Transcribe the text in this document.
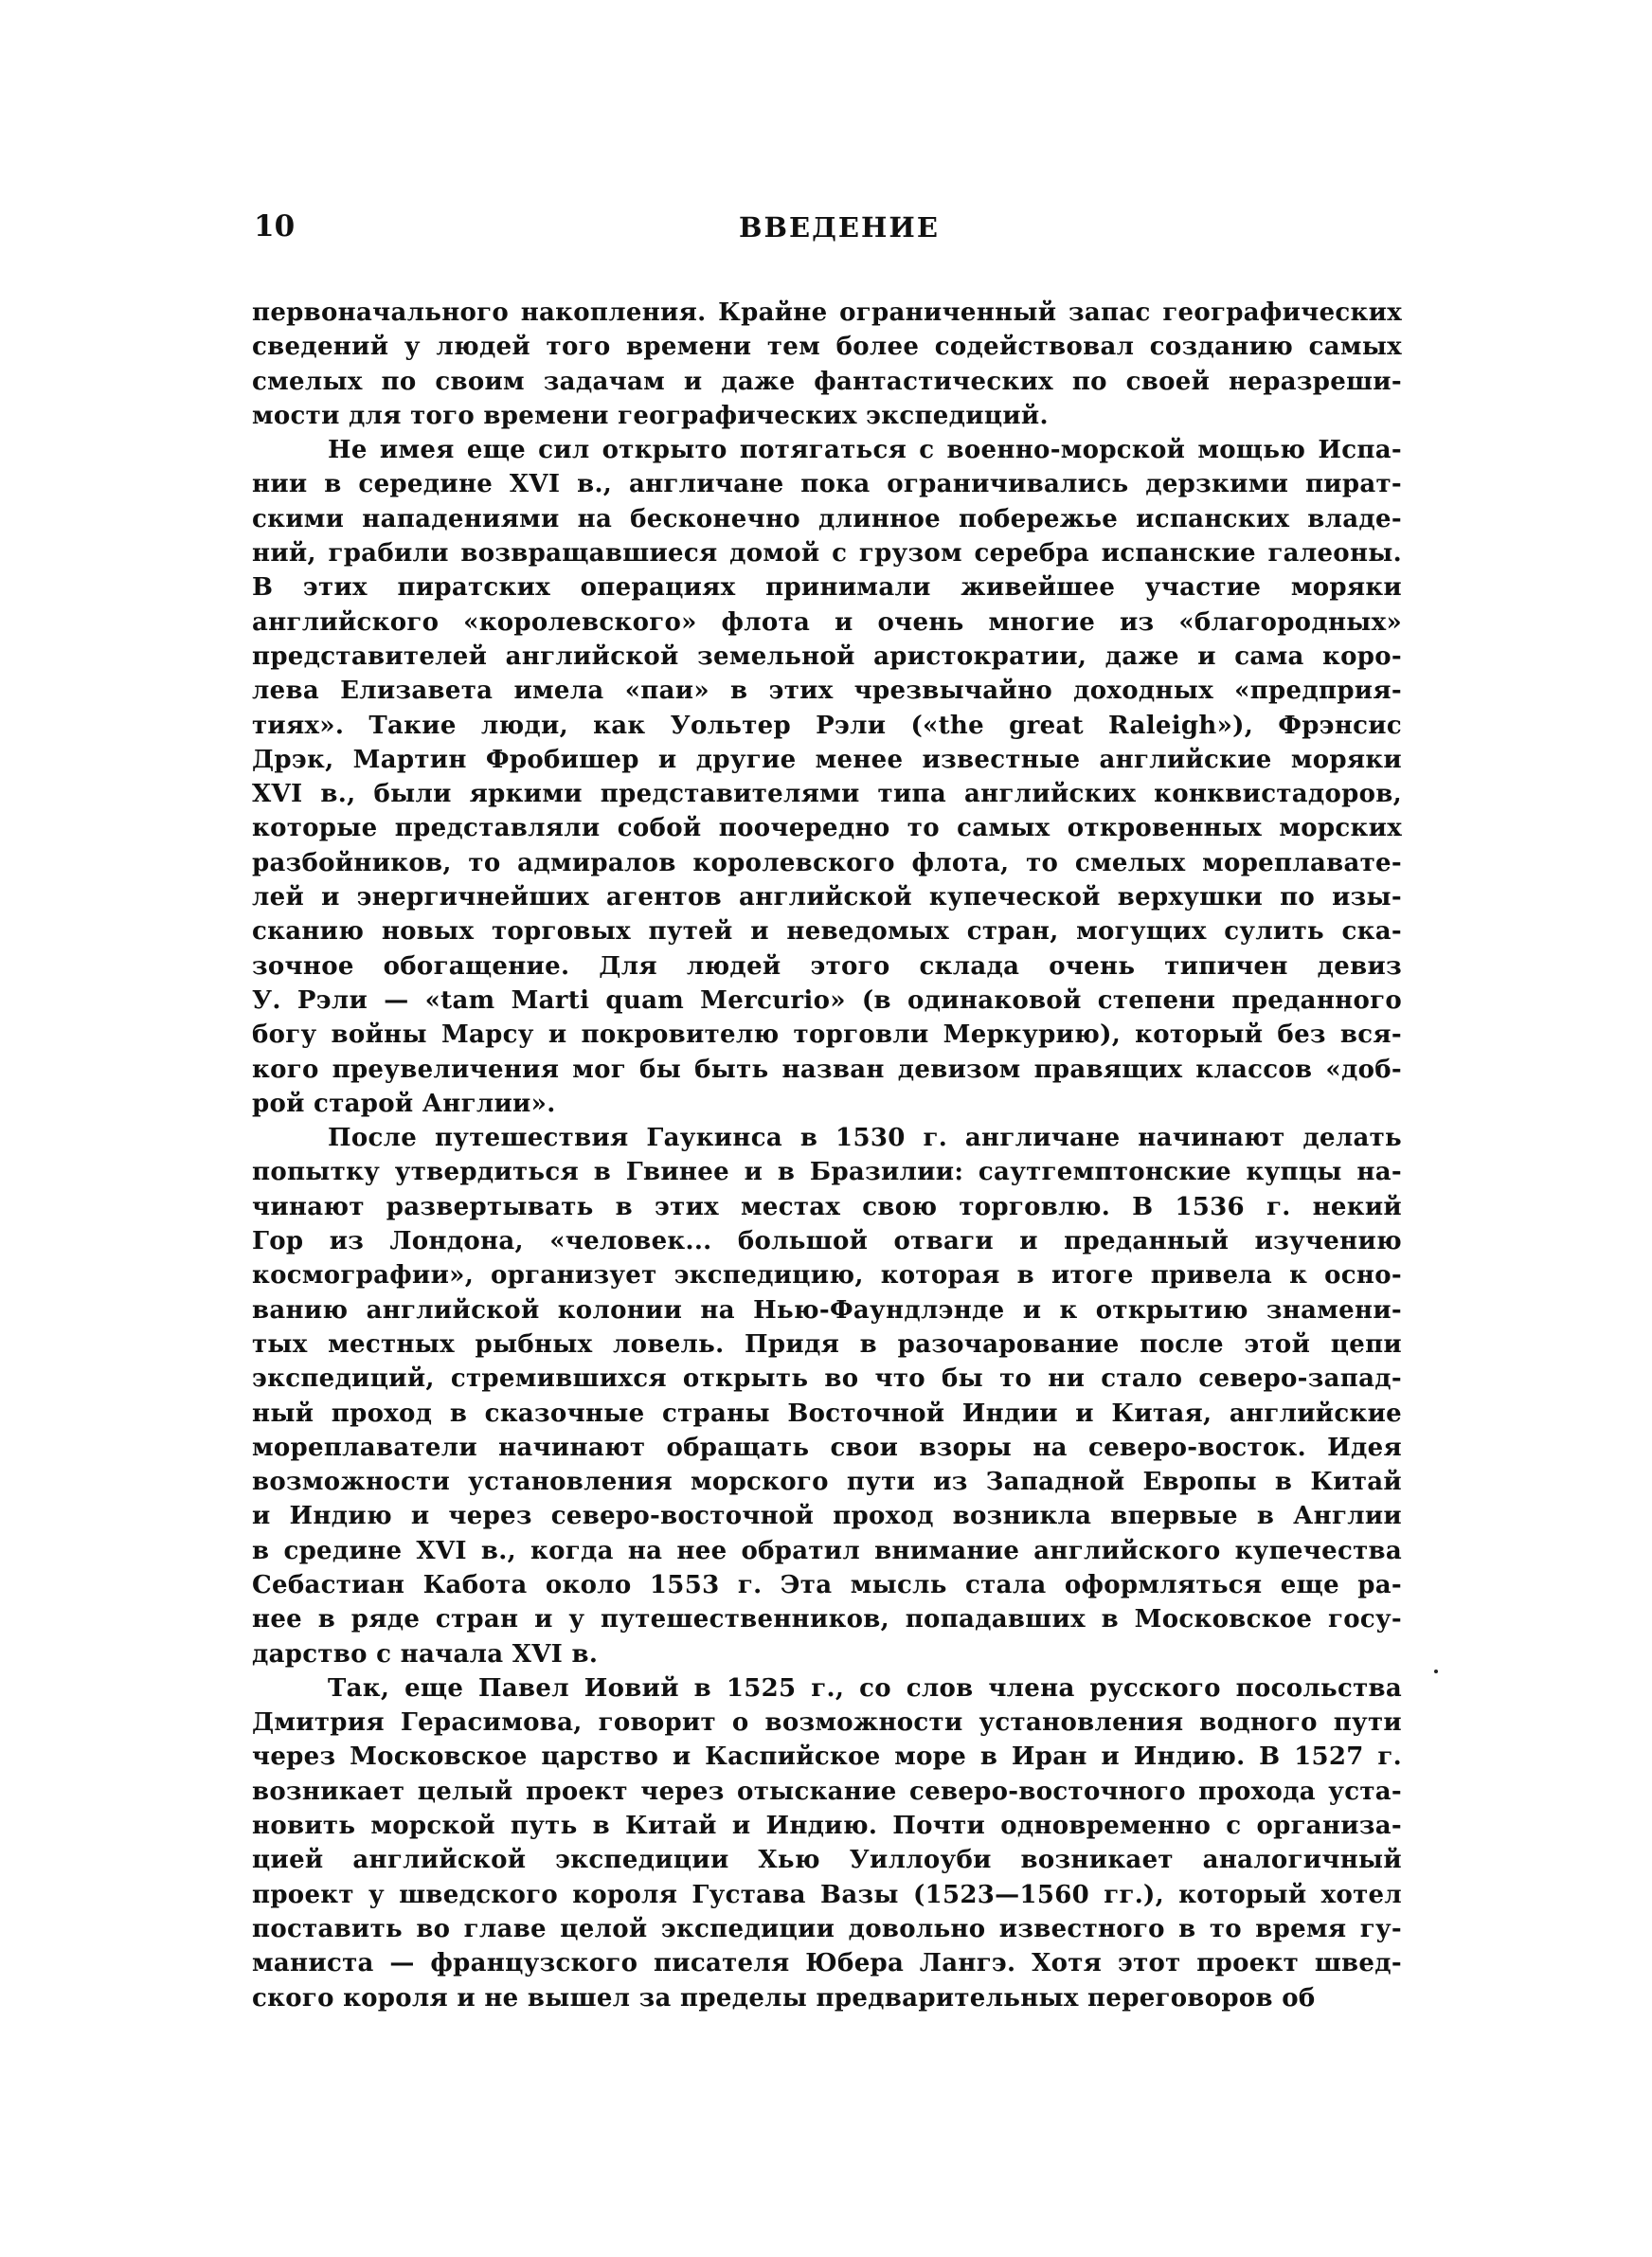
10	ВВЕДЕНИЕ
первоначального накопления. Крайне ограниченный запас географических
сведений у людей того времени тем более содействовал созданию самых
смелых по своим задачам и даже фантастических по своей неразреши-
мости для того времени географических экспедиций.
Не имея еще сил открыто потягаться с военно-морской мощью Испа-
нии в середине XVI в., англичане пока ограничивались дерзкими пират-
скими нападениями на бесконечно длинное побережье испанских владе-
ний, грабили возвращавшиеся домой с грузом серебра испанские галеоны.
В этих пиратских операциях принимали живейшее участие моряки
английского «королевского» флота и очень многие из «благородных»
представителей английской земельной аристократии, даже и сама коро-
лева Елизавета имела «паи» в этих чрезвычайно доходных «предприя-
тиях». Такие люди, как Уольтер Рэли («the great Raleigh»), Фрэнсис
Дрэк, Мартин Фробишер и другие менее известные английские моряки
XVI в., были яркими представителями типа английских конквистадоров,
которые представляли собой поочередно то самых откровенных морских
разбойников, то адмиралов королевского флота, то смелых мореплавате-
лей и энергичнейших агентов английской купеческой верхушки по изы-
сканию новых торговых путей и неведомых стран, могущих сулить ска-
зочное обогащение. Для людей этого склада очень типичен девиз
У. Рэли — «tam Marti quam Mercurio» (в одинаковой степени преданного
богу войны Марсу и покровителю торговли Меркурию), который без вся-
кого преувеличения мог бы быть назван девизом правящих классов «доб-
рой старой Англии».
После путешествия Гаукинса в 1530 г. англичане начинают делать
попытку утвердиться в Гвинее и в Бразилии: саутгемптонские купцы на-
чинают развертывать в этих местах свою торговлю. В 1536 г. некий
Гор из Лондона, «человек... большой отваги и преданный изучению
космографии», организует экспедицию, которая в итоге привела к осно-
ванию английской колонии на Нью-Фаундлэнде и к открытию знамени-
тых местных рыбных ловель. Придя в разочарование после этой цепи
экспедиций, стремившихся открыть во что бы то ни стало северо-запад-
ный проход в сказочные страны Восточной Индии и Китая, английские
мореплаватели начинают обращать свои взоры на северо-восток. Идея
возможности установления морского пути из Западной Европы в Китай
и Индию и через северо-восточной проход возникла впервые в Англии
в средине XVI в., когда на нее обратил внимание английского купечества
Себастиан Кабота около 1553 г. Эта мысль стала оформляться еще ра-
нее в ряде стран и у путешественников, попадавших в Московское госу-
дарство с начала XVI в.
Так, еще Павел Иовий в 1525 г., со слов члена русского посольства
Дмитрия Герасимова, говорит о возможности установления водного пути
через Московское царство и Каспийское море в Иран и Индию. В 1527 г.
возникает целый проект через отыскание северо-восточного прохода уста-
новить морской путь в Китай и Индию. Почти одновременно с организа-
цией английской экспедиции Хью Уиллоуби возникает аналогичный
проект у шведского короля Густава Вазы (1523—1560 гг.), который хотел
поставить во главе целой экспедиции довольно известного в то время гу-
маниста — французского писателя Юбера Лангэ. Хотя этот проект швед-
ского короля и не вышел за пределы предварительных переговоров об
